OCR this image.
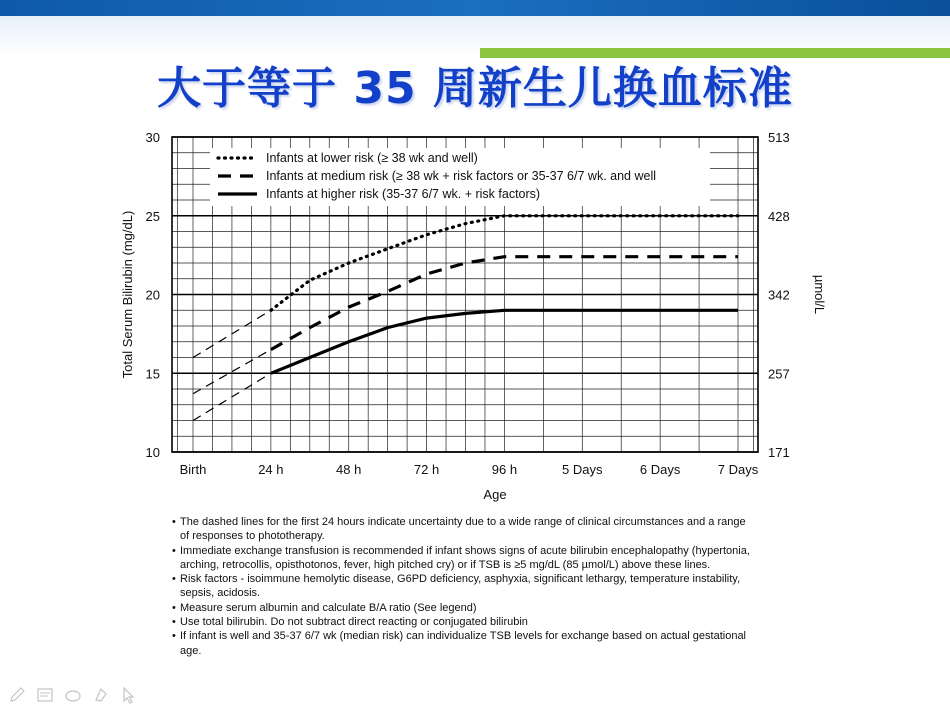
大于等于 35 周新生儿换血标准
10
15
20
25
30
171
257
342
428
513
Birth	24 h	48 h	72 h	96 h	5 Days	6 Days	7 Days
Age
Total Serum Bilirubin (mg/dL)	µmol/L
Infants at lower risk (≥ 38 wk and well)
Infants at medium risk (≥ 38 wk + risk factors or 35-37 6/7 wk. and well
Infants at higher risk (35-37 6/7 wk. + risk factors)
• The dashed lines for the first 24 hours indicate uncertainty due to a wide range of clinical circumstances and a range of responses to phototherapy.
• Immediate exchange transfusion is recommended if infant shows signs of acute bilirubin encephalopathy (hypertonia, arching, retrocollis, opisthotonos, fever, high pitched cry) or if TSB is ≥5 mg/dL (85 µmol/L) above these lines.
• Risk factors - isoimmune hemolytic disease, G6PD deficiency, asphyxia, significant lethargy, temperature instability, sepsis, acidosis.
• Measure serum albumin and calculate B/A ratio (See legend)
• Use total bilirubin. Do not subtract direct reacting or conjugated bilirubin
• If infant is well and 35-37 6/7 wk (median risk) can individualize TSB levels for exchange based on actual gestational age.
